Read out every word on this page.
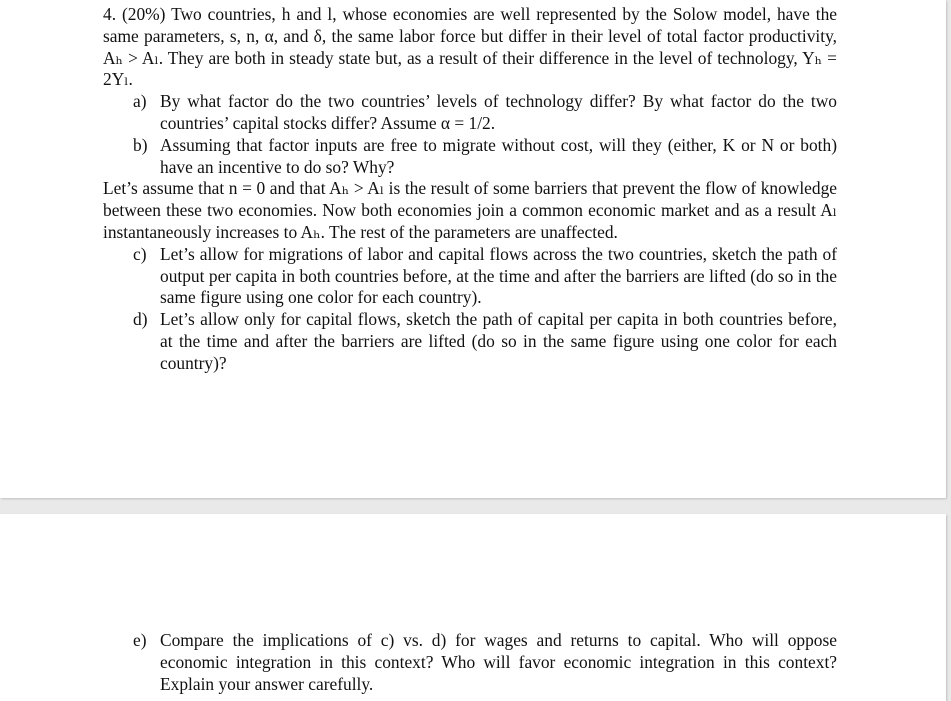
4. (20%) Two countries, h and l, whose economies are well represented by the Solow model, have the same parameters, s, n, α, and δ, the same labor force but differ in their level of total factor productivity, Aₕ > Aₗ. They are both in steady state but, as a result of their difference in the level of technology, Yₕ = 2Yₗ.

a) By what factor do the two countries’ levels of technology differ? By what factor do the two countries’ capital stocks differ? Assume α = 1/2.
b) Assuming that factor inputs are free to migrate without cost, will they (either, K or N or both) have an incentive to do so? Why?

Let’s assume that n = 0 and that Aₕ > Aₗ is the result of some barriers that prevent the flow of knowledge between these two economies. Now both economies join a common economic market and as a result Aₗ instantaneously increases to Aₕ. The rest of the parameters are unaffected.

c) Let’s allow for migrations of labor and capital flows across the two countries, sketch the path of output per capita in both countries before, at the time and after the barriers are lifted (do so in the same figure using one color for each country).
d) Let’s allow only for capital flows, sketch the path of capital per capita in both countries before, at the time and after the barriers are lifted (do so in the same figure using one color for each country)?
e) Compare the implications of c) vs. d) for wages and returns to capital. Who will oppose economic integration in this context? Who will favor economic integration in this context? Explain your answer carefully.
